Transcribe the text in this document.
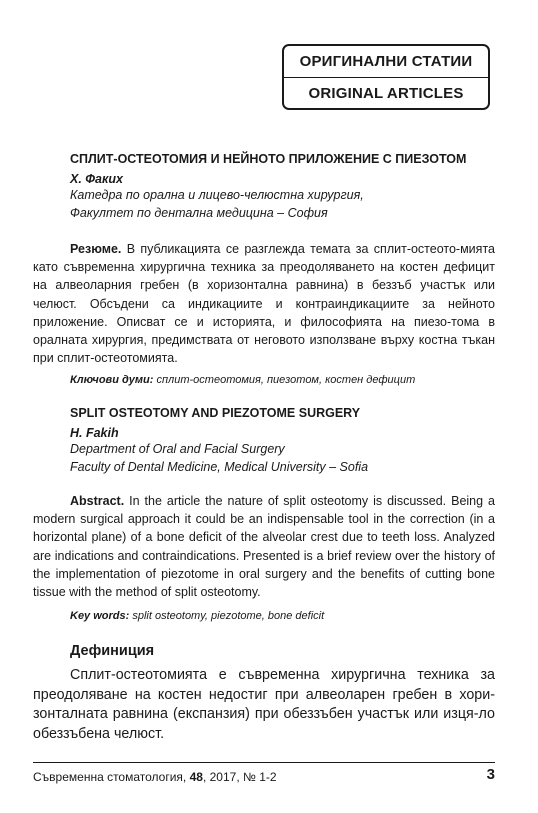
ОРИГИНАЛНИ СТАТИИ
ORIGINAL ARTICLES
СПЛИТ-ОСТЕОТОМИЯ И НЕЙНОТО ПРИЛОЖЕНИЕ С ПИЕЗОТОМ
Х. Факих
Катедра по орална и лицево-челюстна хирургия,
Факултет по дентална медицина – София
Резюме. В публикацията се разглежда темата за сплит-остеото-мията като съвременна хирургична техника за преодоляването на костен дефицит на алвеоларния гребен (в хоризонтална равнина) в беззъб участък или челюст. Обсъдени са индикациите и контраиндикациите за нейното приложение. Описват се и историята, и философията на пиезо-тома в оралната хирургия, предимствата от неговото използване върху костна тъкан при сплит-остеотомията.
Ключови думи: сплит-остеотомия, пиезотом, костен дефицит
SPLIT OSTEOTOMY AND PIEZOTOME SURGERY
H. Fakih
Department of Oral and Facial Surgery
Faculty of Dental Medicine, Medical University – Sofia
Abstract. In the article the nature of split osteotomy is discussed. Being a modern surgical approach it could be an indispensable tool in the correction (in a horizontal plane) of a bone deficit of the alveolar crest due to teeth loss. Analyzed are indications and contraindications. Presented is a brief review over the history of the implementation of piezotome in oral surgery and the benefits of cutting bone tissue with the method of split osteotomy.
Key words: split osteotomy, piezotome, bone deficit
Дефиниция
Сплит-остеотомията е съвременна хирургична техника за преодоляване на костен недостиг при алвеоларен гребен в хори-зонталната равнина (експанзия) при обеззъбен участък или изця-ло обеззъбена челюст.
Съвременна стоматология, 48, 2017, № 1-2	3
